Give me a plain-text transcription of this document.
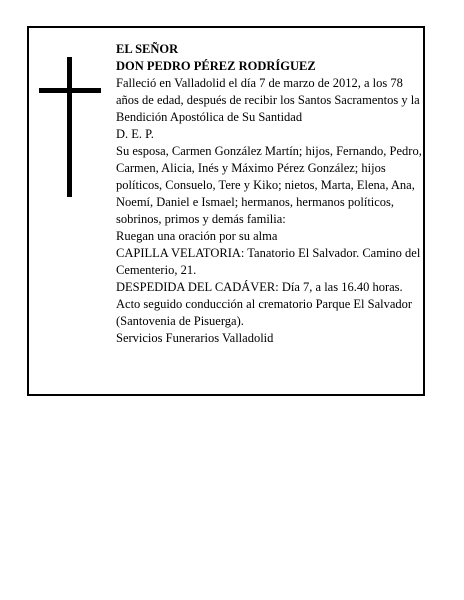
EL SEÑOR

DON PEDRO PÉREZ RODRÍGUEZ

Falleció en Valladolid el día 7 de marzo de 2012, a los 78 años de edad, después de recibir los Santos Sacramentos y la Bendición Apostólica de Su Santidad

D. E. P.

Su esposa, Carmen González Martín; hijos, Fernando, Pedro, Carmen, Alicia, Inés y Máximo Pérez González; hijos políticos, Consuelo, Tere y Kiko; nietos, Marta, Elena, Ana, Noemí, Daniel e Ismael; hermanos, hermanos políticos, sobrinos, primos y demás familia:

Ruegan una oración por su alma

CAPILLA VELATORIA: Tanatorio El Salvador. Camino del Cementerio, 21.

DESPEDIDA DEL CADÁVER: Día 7, a las 16.40 horas. Acto seguido conducción al crematorio Parque El Salvador (Santovenia de Pisuerga).

Servicios Funerarios Valladolid
